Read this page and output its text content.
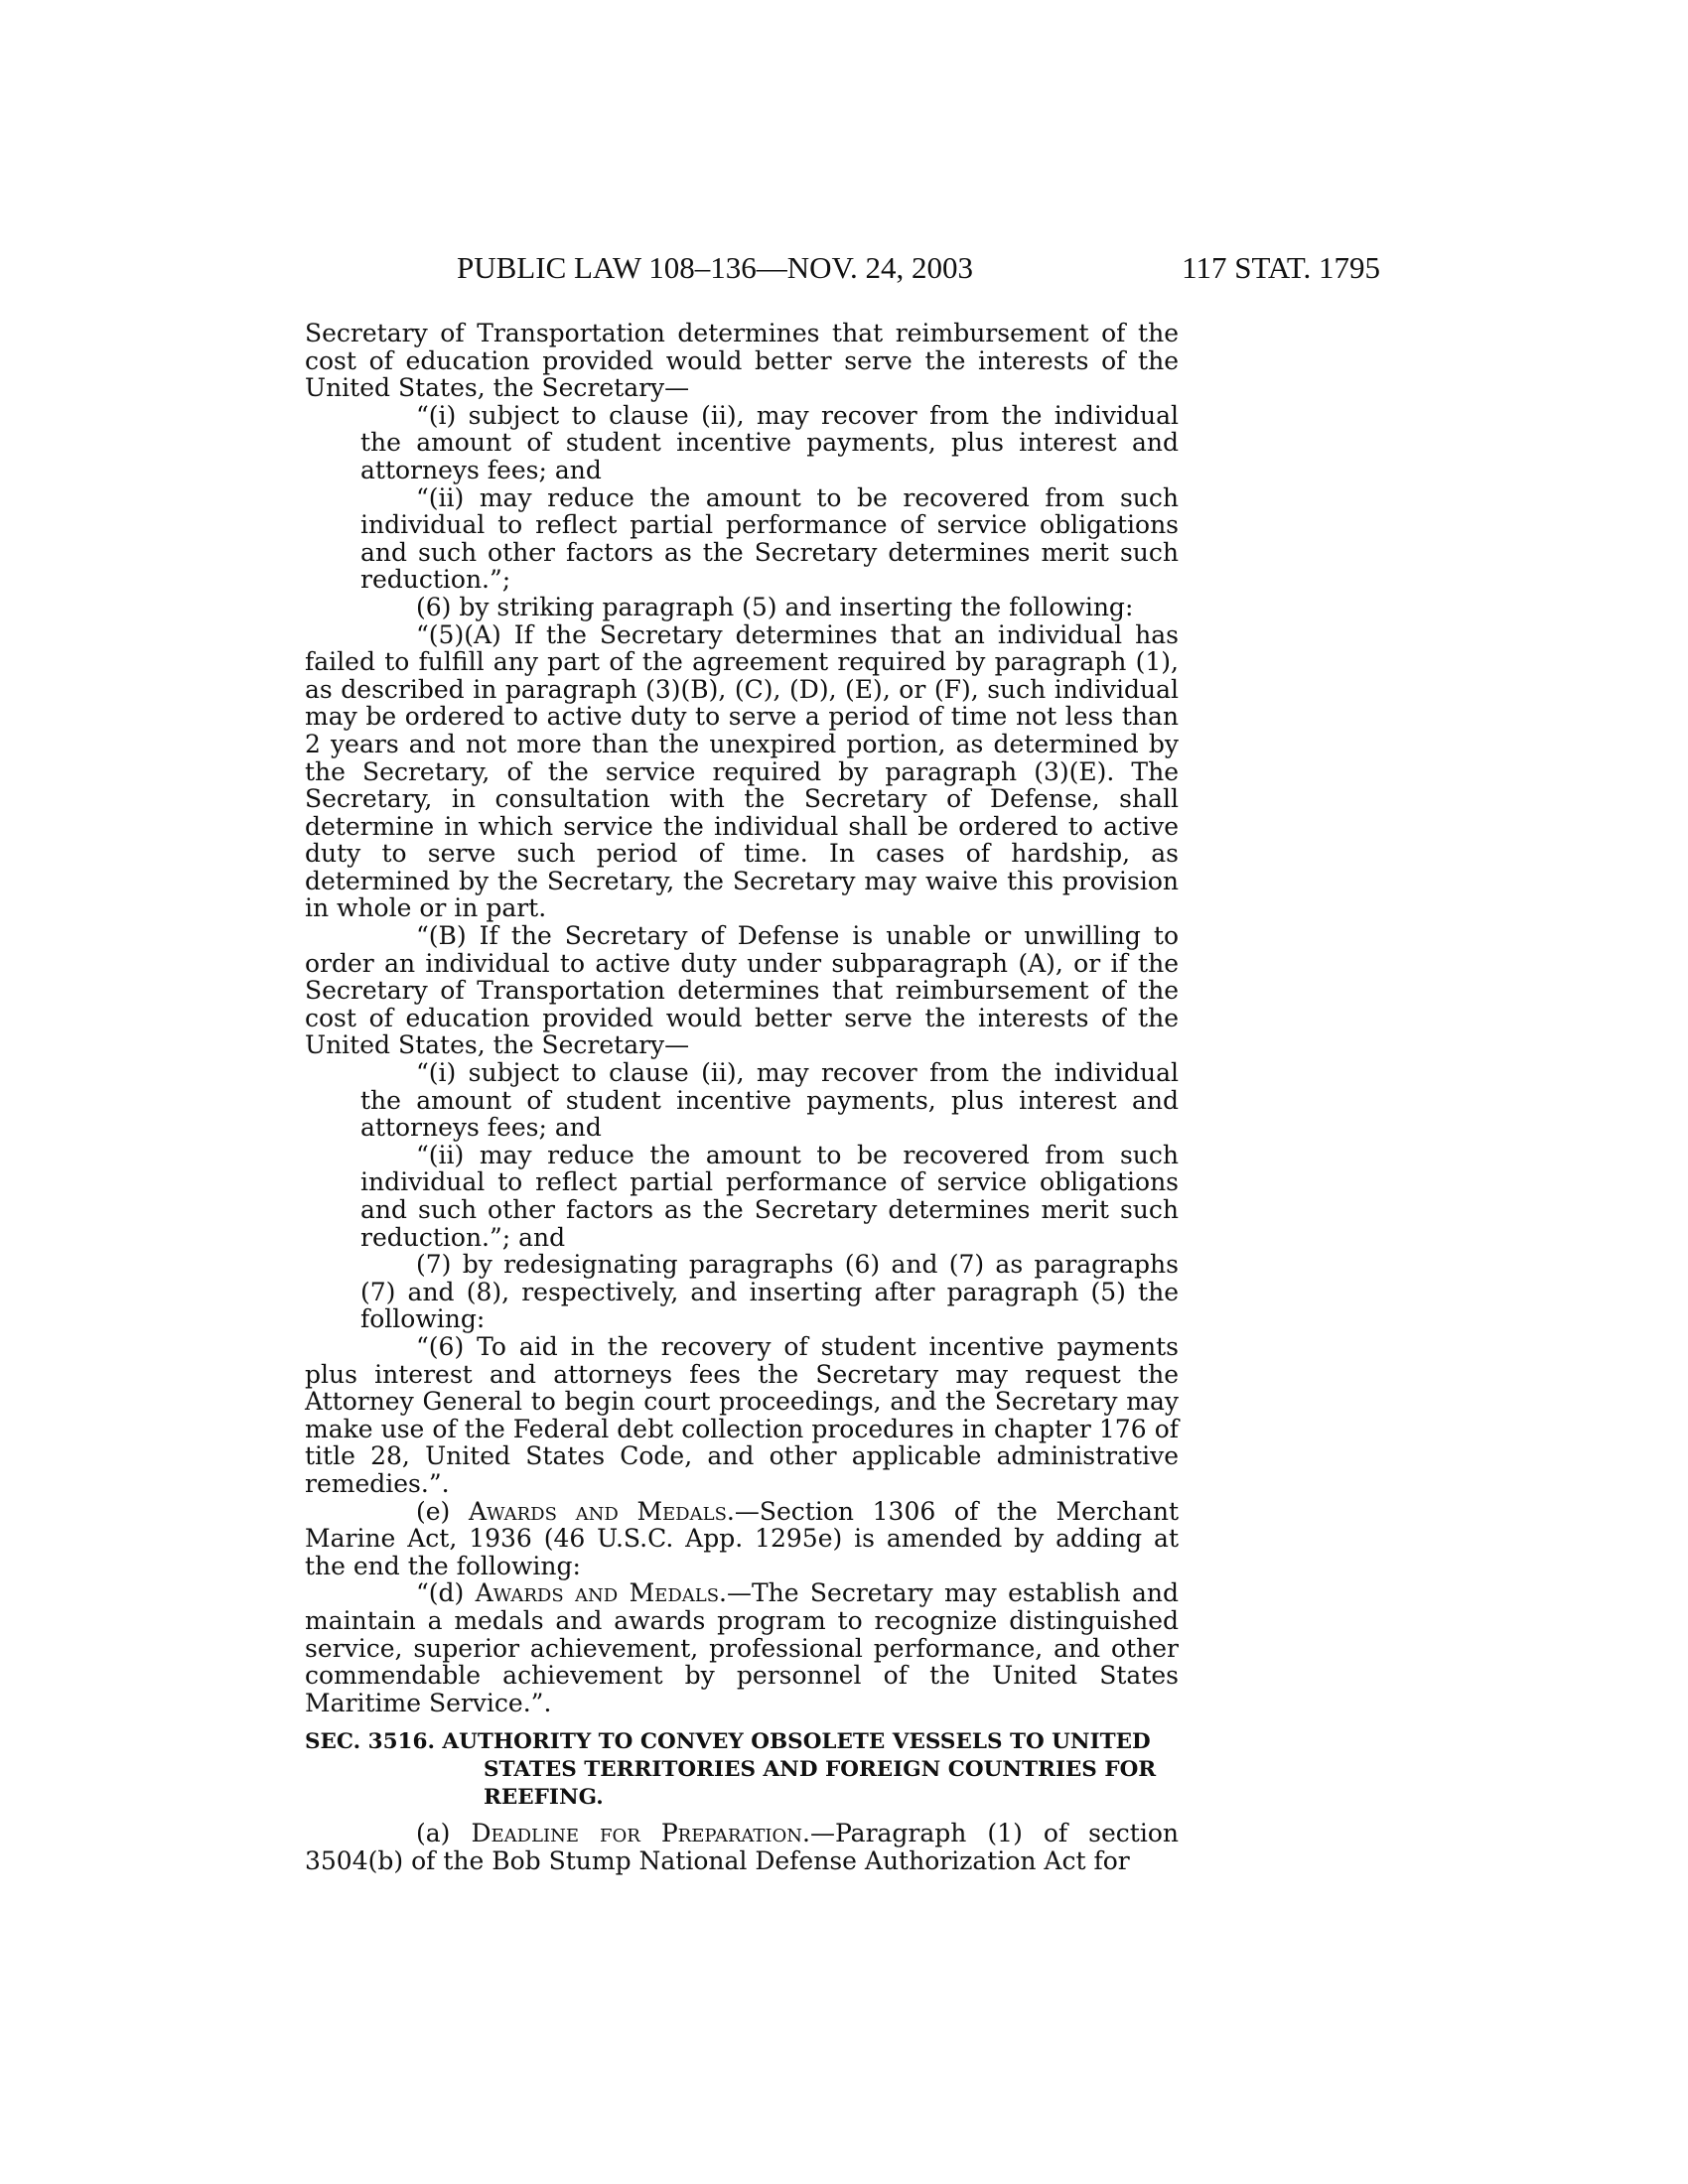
PUBLIC LAW 108–136—NOV. 24, 2003	117 STAT. 1795

Secretary of Transportation determines that reimbursement of the cost of education provided would better serve the interests of the United States, the Secretary—

“(i) subject to clause (ii), may recover from the individual the amount of student incentive payments, plus interest and attorneys fees; and

“(ii) may reduce the amount to be recovered from such individual to reflect partial performance of service obligations and such other factors as the Secretary determines merit such reduction.”;

(6) by striking paragraph (5) and inserting the following:

“(5)(A) If the Secretary determines that an individual has failed to fulfill any part of the agreement required by paragraph (1), as described in paragraph (3)(B), (C), (D), (E), or (F), such individual may be ordered to active duty to serve a period of time not less than 2 years and not more than the unexpired portion, as determined by the Secretary, of the service required by paragraph (3)(E). The Secretary, in consultation with the Secretary of Defense, shall determine in which service the individual shall be ordered to active duty to serve such period of time. In cases of hardship, as determined by the Secretary, the Secretary may waive this provision in whole or in part.

“(B) If the Secretary of Defense is unable or unwilling to order an individual to active duty under subparagraph (A), or if the Secretary of Transportation determines that reimbursement of the cost of education provided would better serve the interests of the United States, the Secretary—

“(i) subject to clause (ii), may recover from the individual the amount of student incentive payments, plus interest and attorneys fees; and

“(ii) may reduce the amount to be recovered from such individual to reflect partial performance of service obligations and such other factors as the Secretary determines merit such reduction.”; and

(7) by redesignating paragraphs (6) and (7) as paragraphs (7) and (8), respectively, and inserting after paragraph (5) the following:

“(6) To aid in the recovery of student incentive payments plus interest and attorneys fees the Secretary may request the Attorney General to begin court proceedings, and the Secretary may make use of the Federal debt collection procedures in chapter 176 of title 28, United States Code, and other applicable administrative remedies.”.

(e) Awards and Medals.—Section 1306 of the Merchant Marine Act, 1936 (46 U.S.C. App. 1295e) is amended by adding at the end the following:

“(d) Awards and Medals.—The Secretary may establish and maintain a medals and awards program to recognize distinguished service, superior achievement, professional performance, and other commendable achievement by personnel of the United States Maritime Service.”.

SEC. 3516. AUTHORITY TO CONVEY OBSOLETE VESSELS TO UNITED STATES TERRITORIES AND FOREIGN COUNTRIES FOR REEFING.

(a) Deadline for Preparation.—Paragraph (1) of section 3504(b) of the Bob Stump National Defense Authorization Act for
